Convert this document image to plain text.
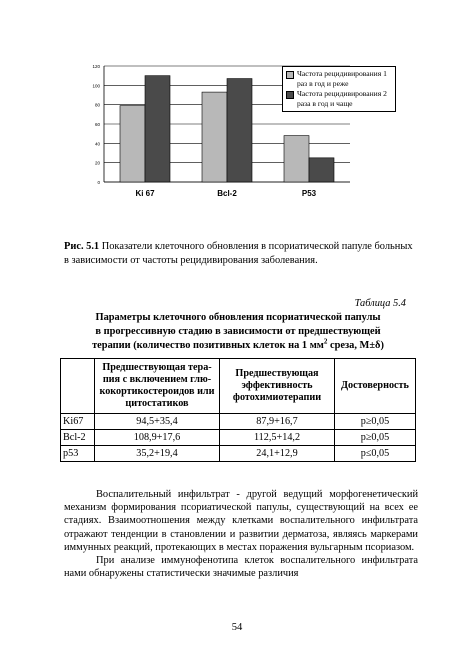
0
20
40
60
80
100
120
Ki 67	Bcl-2	P53
Частота рецидивирования 1 раз в год и реже
Частота рецидивирования 2 раза в год и чаще
Рис. 5.1 Показатели клеточного обновления в псориатической папуле больных в зависимости от частоты рецидивирования заболевания.
Таблица 5.4
Параметры клеточного обновления псориатической папулы
в прогрессивную стадию в зависимости от предшествующей
терапии (количество позитивных клеток на 1 $мм^2$ среза, M±δ)
	Предшествующая тера-пия с включением глю-кокортикостероидов или цитостатиков	Предшествующая эффективность фотохимиотерапии	Достоверность
Ki67	94,5+35,4	87,9+16,7	p≥0,05
Bcl-2	108,9+17,6	112,5+14,2	p≥0,05
p53	35,2+19,4	24,1+12,9	p≤0,05

Воспалительный инфильтрат - другой ведущий морфогенетический механизм формирования псориатической папулы, существующий на всех ее стадиях. Взаимоотношения между клетками воспалительного инфильтрата отражают тенденции в становлении и развитии дерматоза, являясь маркерами иммунных реакций, протекающих в местах поражения вульгарным псориазом.

При анализе иммунофенотипа клеток воспалительного инфильтрата нами обнаружены статистически значимые различия

54
